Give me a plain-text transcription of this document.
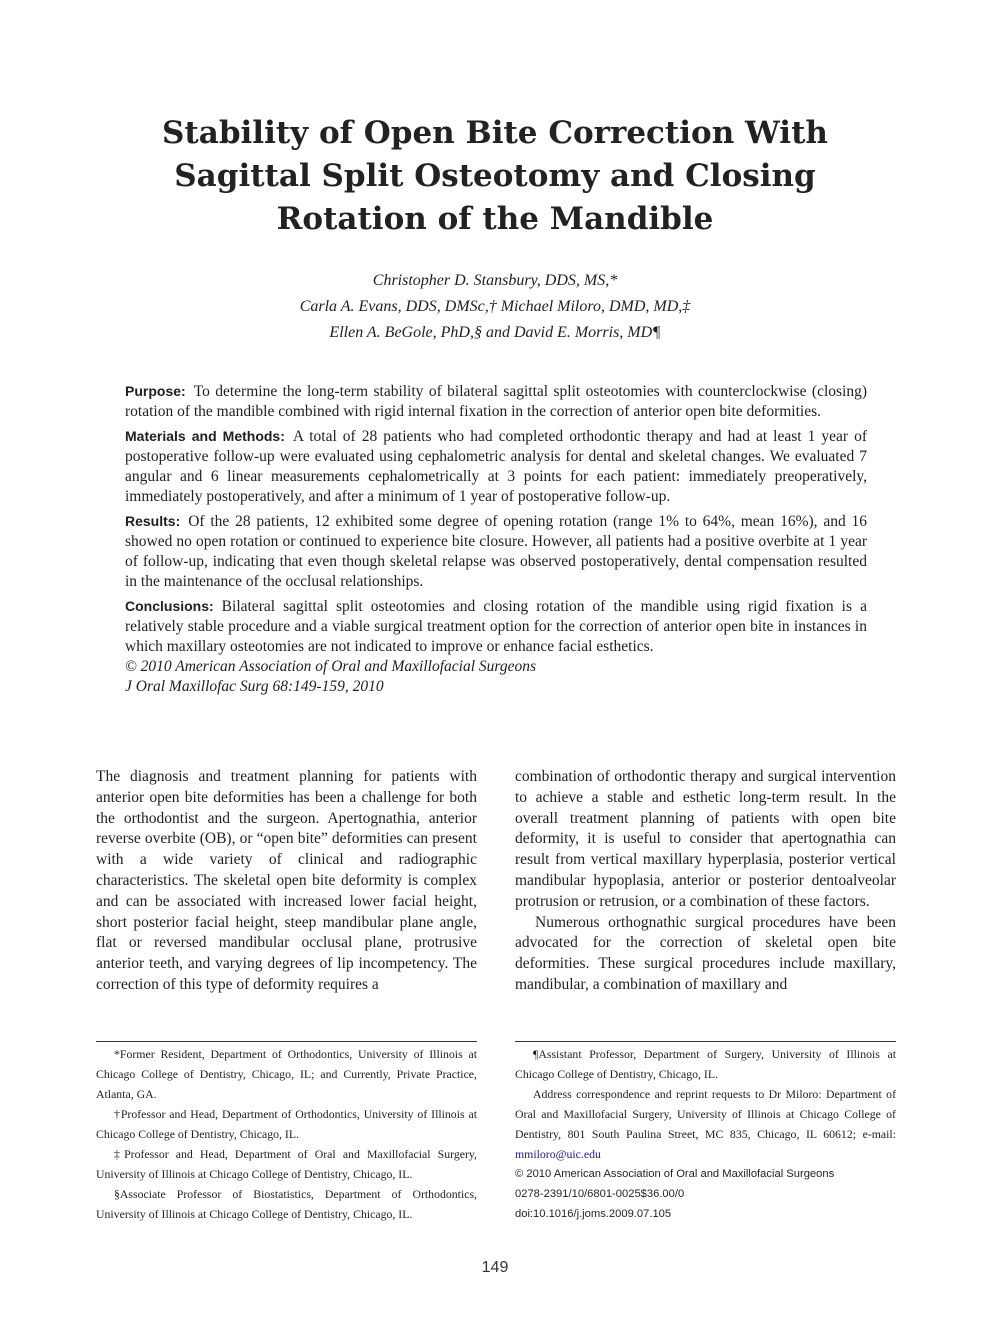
Stability of Open Bite Correction With
Sagittal Split Osteotomy and Closing
Rotation of the Mandible
Christopher D. Stansbury, DDS, MS,*
Carla A. Evans, DDS, DMSc,† Michael Miloro, DMD, MD,‡
Ellen A. BeGole, PhD,§ and David E. Morris, MD¶

Purpose: To determine the long-term stability of bilateral sagittal split osteotomies with counterclockwise (closing) rotation of the mandible combined with rigid internal fixation in the correction of anterior open bite deformities.

Materials and Methods: A total of 28 patients who had completed orthodontic therapy and had at least 1 year of postoperative follow-up were evaluated using cephalometric analysis for dental and skeletal changes. We evaluated 7 angular and 6 linear measurements cephalometrically at 3 points for each patient: immediately preoperatively, immediately postoperatively, and after a minimum of 1 year of postoperative follow-up.

Results: Of the 28 patients, 12 exhibited some degree of opening rotation (range 1% to 64%, mean 16%), and 16 showed no open rotation or continued to experience bite closure. However, all patients had a positive overbite at 1 year of follow-up, indicating that even though skeletal relapse was observed postoperatively, dental compensation resulted in the maintenance of the occlusal relationships.

Conclusions: Bilateral sagittal split osteotomies and closing rotation of the mandible using rigid fixation is a relatively stable procedure and a viable surgical treatment option for the correction of anterior open bite in instances in which maxillary osteotomies are not indicated to improve or enhance facial esthetics.
© 2010 American Association of Oral and Maxillofacial Surgeons
J Oral Maxillofac Surg 68:149-159, 2010

The diagnosis and treatment planning for patients with anterior open bite deformities has been a challenge for both the orthodontist and the surgeon. Apertognathia, anterior reverse overbite (OB), or “open bite” deformities can present with a wide variety of clinical and radiographic characteristics. The skeletal open bite deformity is complex and can be associated with increased lower facial height, short posterior facial height, steep mandibular plane angle, flat or reversed mandibular occlusal plane, protrusive anterior teeth, and varying degrees of lip incompetency. The correction of this type of deformity requires a

combination of orthodontic therapy and surgical intervention to achieve a stable and esthetic long-term result. In the overall treatment planning of patients with open bite deformity, it is useful to consider that apertognathia can result from vertical maxillary hyperplasia, posterior vertical mandibular hypoplasia, anterior or posterior dentoalveolar protrusion or retrusion, or a combination of these factors.

Numerous orthognathic surgical procedures have been advocated for the correction of skeletal open bite deformities. These surgical procedures include maxillary, mandibular, a combination of maxillary and

*Former Resident, Department of Orthodontics, University of Illinois at Chicago College of Dentistry, Chicago, IL; and Currently, Private Practice, Atlanta, GA.

†Professor and Head, Department of Orthodontics, University of Illinois at Chicago College of Dentistry, Chicago, IL.

‡Professor and Head, Department of Oral and Maxillofacial Surgery, University of Illinois at Chicago College of Dentistry, Chicago, IL.

§Associate Professor of Biostatistics, Department of Orthodontics, University of Illinois at Chicago College of Dentistry, Chicago, IL.

¶Assistant Professor, Department of Surgery, University of Illinois at Chicago College of Dentistry, Chicago, IL.

Address correspondence and reprint requests to Dr Miloro: Department of Oral and Maxillofacial Surgery, University of Illinois at Chicago College of Dentistry, 801 South Paulina Street, MC 835, Chicago, IL 60612; e-mail: mmiloro@uic.edu

© 2010 American Association of Oral and Maxillofacial Surgeons

0278-2391/10/6801-0025$36.00/0

doi:10.1016/j.joms.2009.07.105

149
